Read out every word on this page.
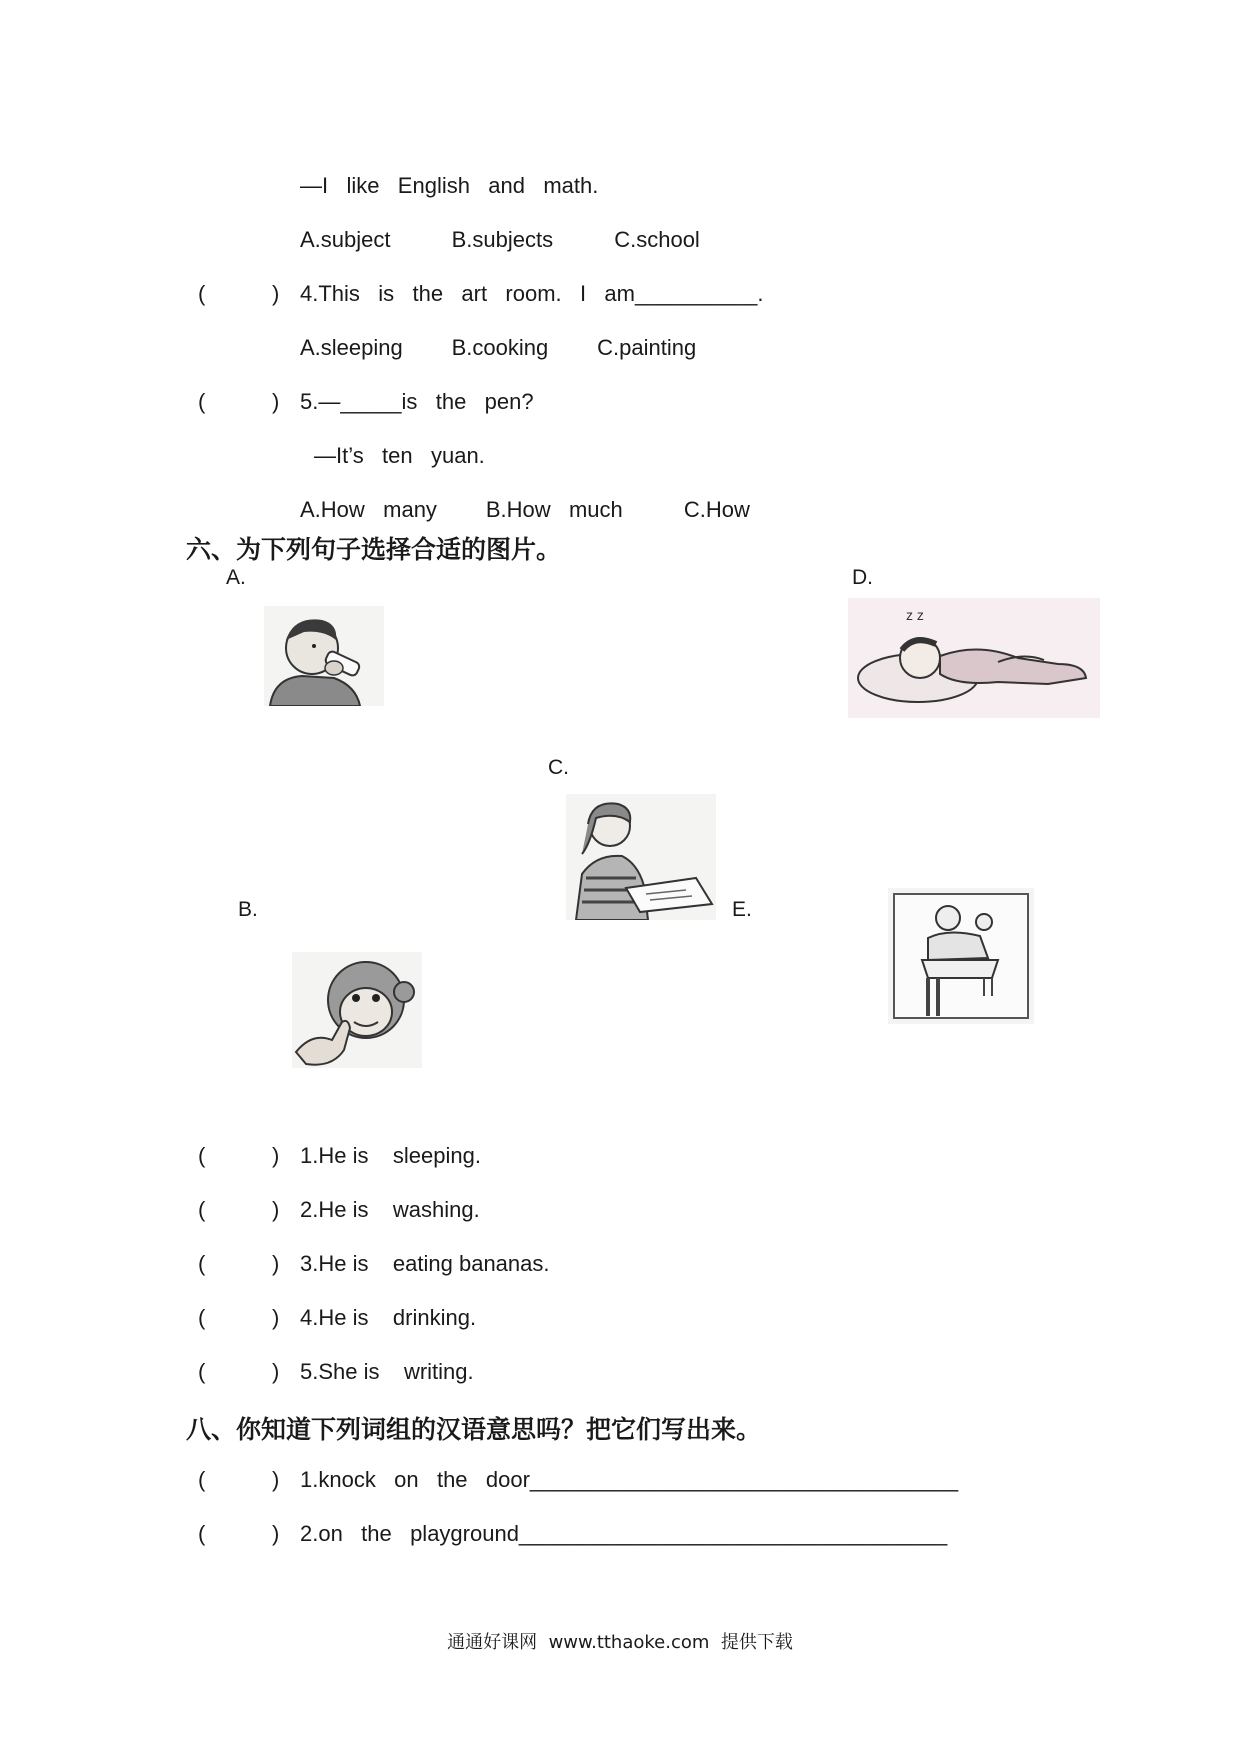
—I   like   English   and   math.
A.subject          B.subjects          C.school
(	) 4.This   is   the   art   room.   I   am__________.
A.sleeping        B.cooking        C.painting
(	) 5.—_____is   the   pen?
—It’s   ten   yuan.
A.How   many        B.How   much          C.How
六、为下列句子选择合适的图片。
A.	D.
z z
C.
B.	E.
(	) 1.He is    sleeping.
(	) 2.He is    washing.
(	) 3.He is    eating bananas.
(	) 4.He is    drinking.
(	) 5.She is    writing.
八、你知道下列词组的汉语意思吗？把它们写出来。
(	) 1.knock   on   the   door___________________________________
(	) 2.on   the   playground___________________________________
通通好课网  www.tthaoke.com  提供下载
